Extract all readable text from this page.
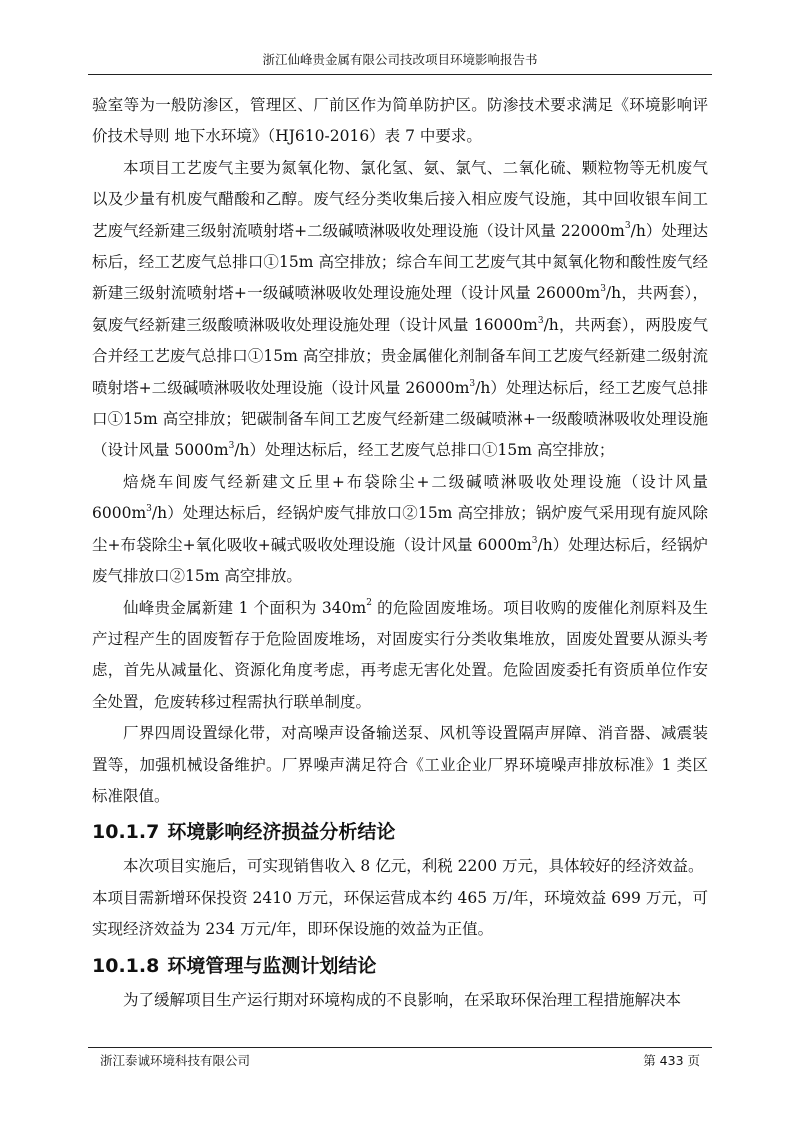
浙江仙峰贵金属有限公司技改项目环境影响报告书

验室等为一般防渗区，管理区、厂前区作为简单防护区。防渗技术要求满足《环境影响评价技术导则 地下水环境》（HJ610-2016）表 7 中要求。

本项目工艺废气主要为氮氧化物、氯化氢、氨、氯气、二氧化硫、颗粒物等无机废气以及少量有机废气醋酸和乙醇。废气经分类收集后接入相应废气设施，其中回收银车间工艺废气经新建三级射流喷射塔+二级碱喷淋吸收处理设施（设计风量 $22000m^3/h$）处理达标后，经工艺废气总排口①15m 高空排放；综合车间工艺废气其中氮氧化物和酸性废气经新建三级射流喷射塔+一级碱喷淋吸收处理设施处理（设计风量 $26000m^3/h$，共两套），氨废气经新建三级酸喷淋吸收处理设施处理（设计风量 $16000m^3/h$，共两套），两股废气合并经工艺废气总排口①15m 高空排放；贵金属催化剂制备车间工艺废气经新建二级射流喷射塔+二级碱喷淋吸收处理设施（设计风量 $26000m^3/h$）处理达标后，经工艺废气总排口①15m 高空排放；钯碳制备车间工艺废气经新建二级碱喷淋+一级酸喷淋吸收处理设施（设计风量 $5000m^3/h$）处理达标后，经工艺废气总排口①15m 高空排放；

焙烧车间废气经新建文丘里+布袋除尘+二级碱喷淋吸收处理设施（设计风量 $6000m^3/h$）处理达标后，经锅炉废气排放口②15m 高空排放；锅炉废气采用现有旋风除尘+布袋除尘+氧化吸收+碱式吸收处理设施（设计风量 $6000m^3/h$）处理达标后，经锅炉废气排放口②15m 高空排放。

仙峰贵金属新建 1 个面积为 $340m^2$ 的危险固废堆场。项目收购的废催化剂原料及生产过程产生的固废暂存于危险固废堆场，对固废实行分类收集堆放，固废处置要从源头考虑，首先从减量化、资源化角度考虑，再考虑无害化处置。危险固废委托有资质单位作安全处置，危废转移过程需执行联单制度。

厂界四周设置绿化带，对高噪声设备输送泵、风机等设置隔声屏障、消音器、减震装置等，加强机械设备维护。厂界噪声满足符合《工业企业厂界环境噪声排放标准》1 类区标准限值。

10.1.7 环境影响经济损益分析结论

本次项目实施后，可实现销售收入 8 亿元，利税 2200 万元，具体较好的经济效益。

本项目需新增环保投资 2410 万元，环保运营成本约 465 万/年，环境效益 699 万元，可实现经济效益为 234 万元/年，即环保设施的效益为正值。

10.1.8 环境管理与监测计划结论

为了缓解项目生产运行期对环境构成的不良影响，在采取环保治理工程措施解决本

浙江泰诚环境科技有限公司	第 433 页
